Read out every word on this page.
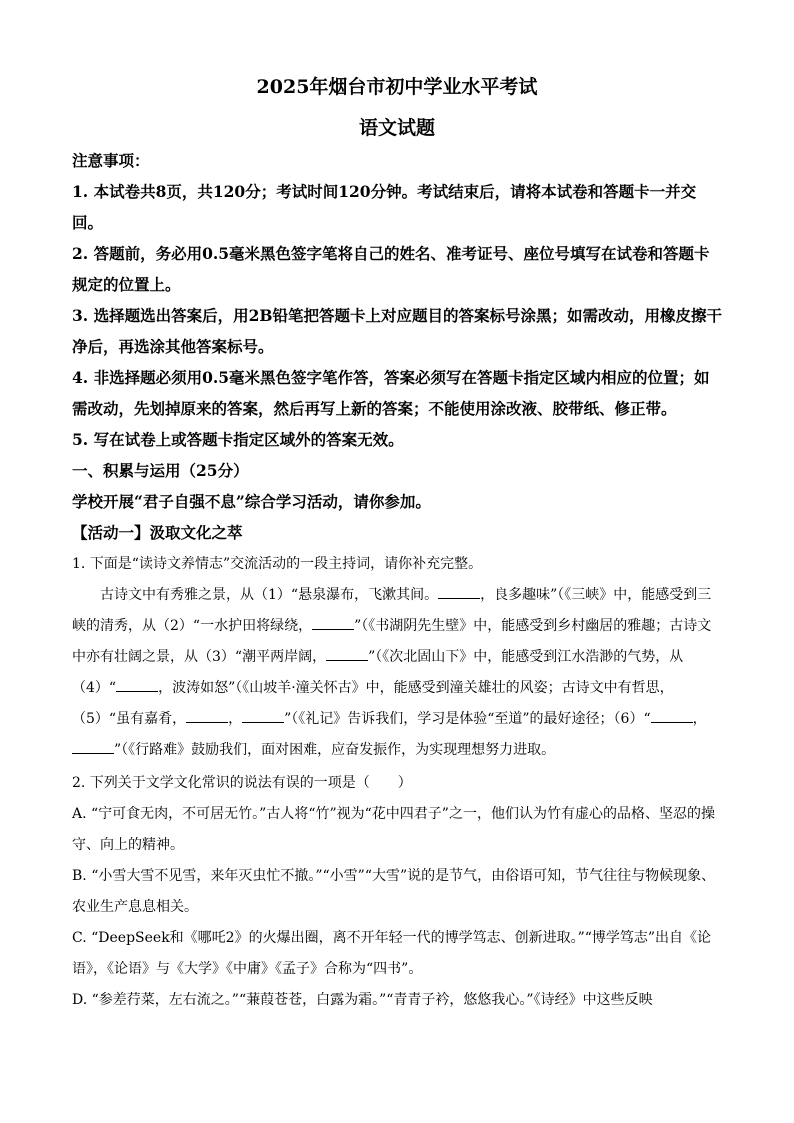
2025年烟台市初中学业水平考试
语文试题

注意事项：

1. 本试卷共8页，共120分；考试时间120分钟。考试结束后，请将本试卷和答题卡一并交回。

2. 答题前，务必用0.5毫米黑色签字笔将自己的姓名、准考证号、座位号填写在试卷和答题卡规定的位置上。

3. 选择题选出答案后，用2B铅笔把答题卡上对应题目的答案标号涂黑；如需改动，用橡皮擦干净后，再选涂其他答案标号。

4. 非选择题必须用0.5毫米黑色签字笔作答，答案必须写在答题卡指定区域内相应的位置；如需改动，先划掉原来的答案，然后再写上新的答案；不能使用涂改液、胶带纸、修正带。

5. 写在试卷上或答题卡指定区域外的答案无效。

一、积累与运用（25分）

学校开展“君子自强不息”综合学习活动，请你参加。

【活动一】汲取文化之萃

1. 下面是“读诗文养情志”交流活动的一段主持词，请你补充完整。

古诗文中有秀雅之景，从（1）“悬泉瀑布，飞漱其间。	，良多趣味”（《三峡》中，能感受到三峡的清秀，从（2）“一水护田将绿绕，	”（《书湖阴先生壁》中，能感受到乡村幽居的雅趣；古诗文中亦有壮阔之景，从（3）“潮平两岸阔，	”（《次北固山下》中，能感受到江水浩渺的气势，从（4）“	，波涛如怒”（《山坡羊·潼关怀古》中，能感受到潼关雄壮的风姿；古诗文中有哲思，（5）“虽有嘉肴，	，	”（《礼记》告诉我们，学习是体验“至道”的最好途径；（6）“	，”（《行路难》鼓励我们，面对困难，应奋发振作，为实现理想努力进取。

2. 下列关于文学文化常识的说法有误的一项是（　　）

A. “宁可食无肉，不可居无竹。”古人将“竹”视为“花中四君子”之一，他们认为竹有虚心的品格、坚忍的操守、向上的精神。

B. “小雪大雪不见雪，来年灭虫忙不撤。”“小雪”“大雪”说的是节气，由俗语可知，节气往往与物候现象、农业生产息息相关。

C. “DeepSeek和《哪吒2》的火爆出圈，离不开年轻一代的博学笃志、创新进取。”“博学笃志”出自《论语》，《论语》与《大学》《中庸》《孟子》合称为“四书”。

D. “参差荇菜，左右流之。”“蒹葭苍苍，白露为霜。”“青青子衿，悠悠我心。”《诗经》中这些反映
